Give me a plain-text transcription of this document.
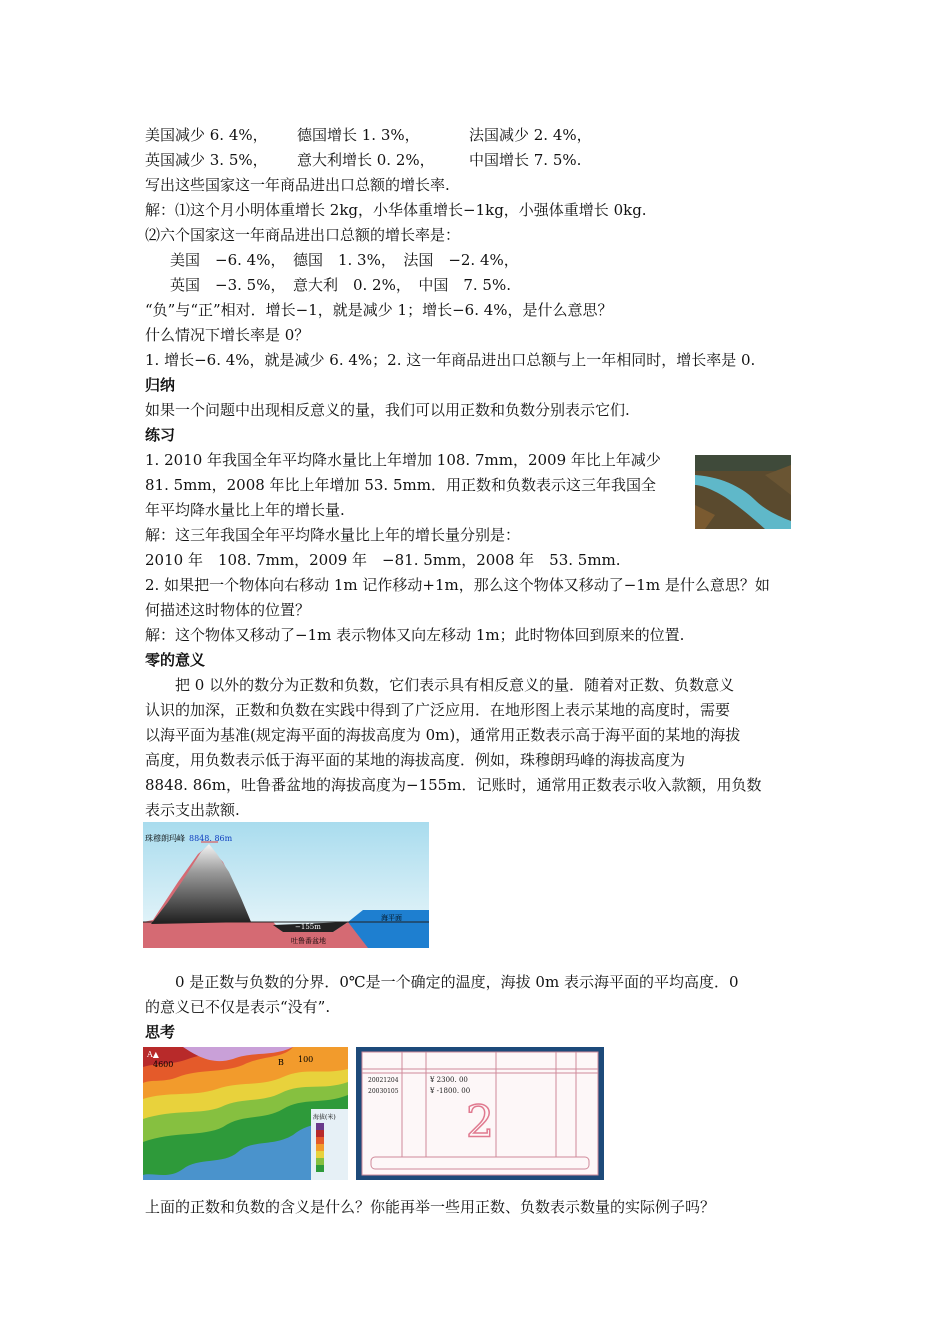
美国减少 6. 4%， 德国增长 1. 3%，	法国减少 2. 4%，
英国减少 3. 5%， 意大利增长 0. 2%， 中国增长 7. 5%.
写出这些国家这一年商品进出口总额的增长率.
解：⑴这个月小明体重增长 2kg，小华体重增长−1kg，小强体重增长 0kg.
⑵六个国家这一年商品进出口总额的增长率是：
美国　−6. 4%，　德国　1. 3%，　法国　−2. 4%，
英国　−3. 5%，　意大利　0. 2%，　中国　7. 5%.
“负”与“正”相对．增长−1，就是减少 1；增长−6. 4%，是什么意思？
什么情况下增长率是 0？
1. 增长−6. 4%，就是减少 6. 4%；2. 这一年商品进出口总额与上一年相同时，增长率是 0.
归纳
如果一个问题中出现相反意义的量，我们可以用正数和负数分别表示它们.
练习
1. 2010 年我国全年平均降水量比上年增加 108. 7mm，2009 年比上年减少
81. 5mm，2008 年比上年增加 53. 5mm．用正数和负数表示这三年我国全
年平均降水量比上年的增长量.
解：这三年我国全年平均降水量比上年的增长量分别是：
2010 年　108. 7mm，2009 年　−81. 5mm，2008 年　53. 5mm.
2. 如果把一个物体向右移动 1m 记作移动+1m，那么这个物体又移动了−1m 是什么意思？如
何描述这时物体的位置？
解：这个物体又移动了−1m 表示物体又向左移动 1m；此时物体回到原来的位置.
零的意义
　　把 0 以外的数分为正数和负数，它们表示具有相反意义的量．随着对正数、负数意义
认识的加深，正数和负数在实践中得到了广泛应用．在地形图上表示某地的高度时，需要
以海平面为基准(规定海平面的海拔高度为 0m)，通常用正数表示高于海平面的某地的海拔
高度，用负数表示低于海平面的某地的海拔高度．例如，珠穆朗玛峰的海拔高度为
8848. 86m，吐鲁番盆地的海拔高度为−155m．记账时，通常用正数表示收入款额，用负数
表示支出款额.
珠穆朗玛峰 8848. 86m
−155m
吐鲁番盆地
海平面
　　0 是正数与负数的分界．0℃是一个确定的温度，海拔 0m 表示海平面的平均高度．0
的意义已不仅是表示“没有”.
思考
海拔(米)
A▲
4600	B 100
20021204
20030105
¥ 2300. 00
¥ -1800. 00
2
上面的正数和负数的含义是什么？你能再举一些用正数、负数表示数量的实际例子吗？
